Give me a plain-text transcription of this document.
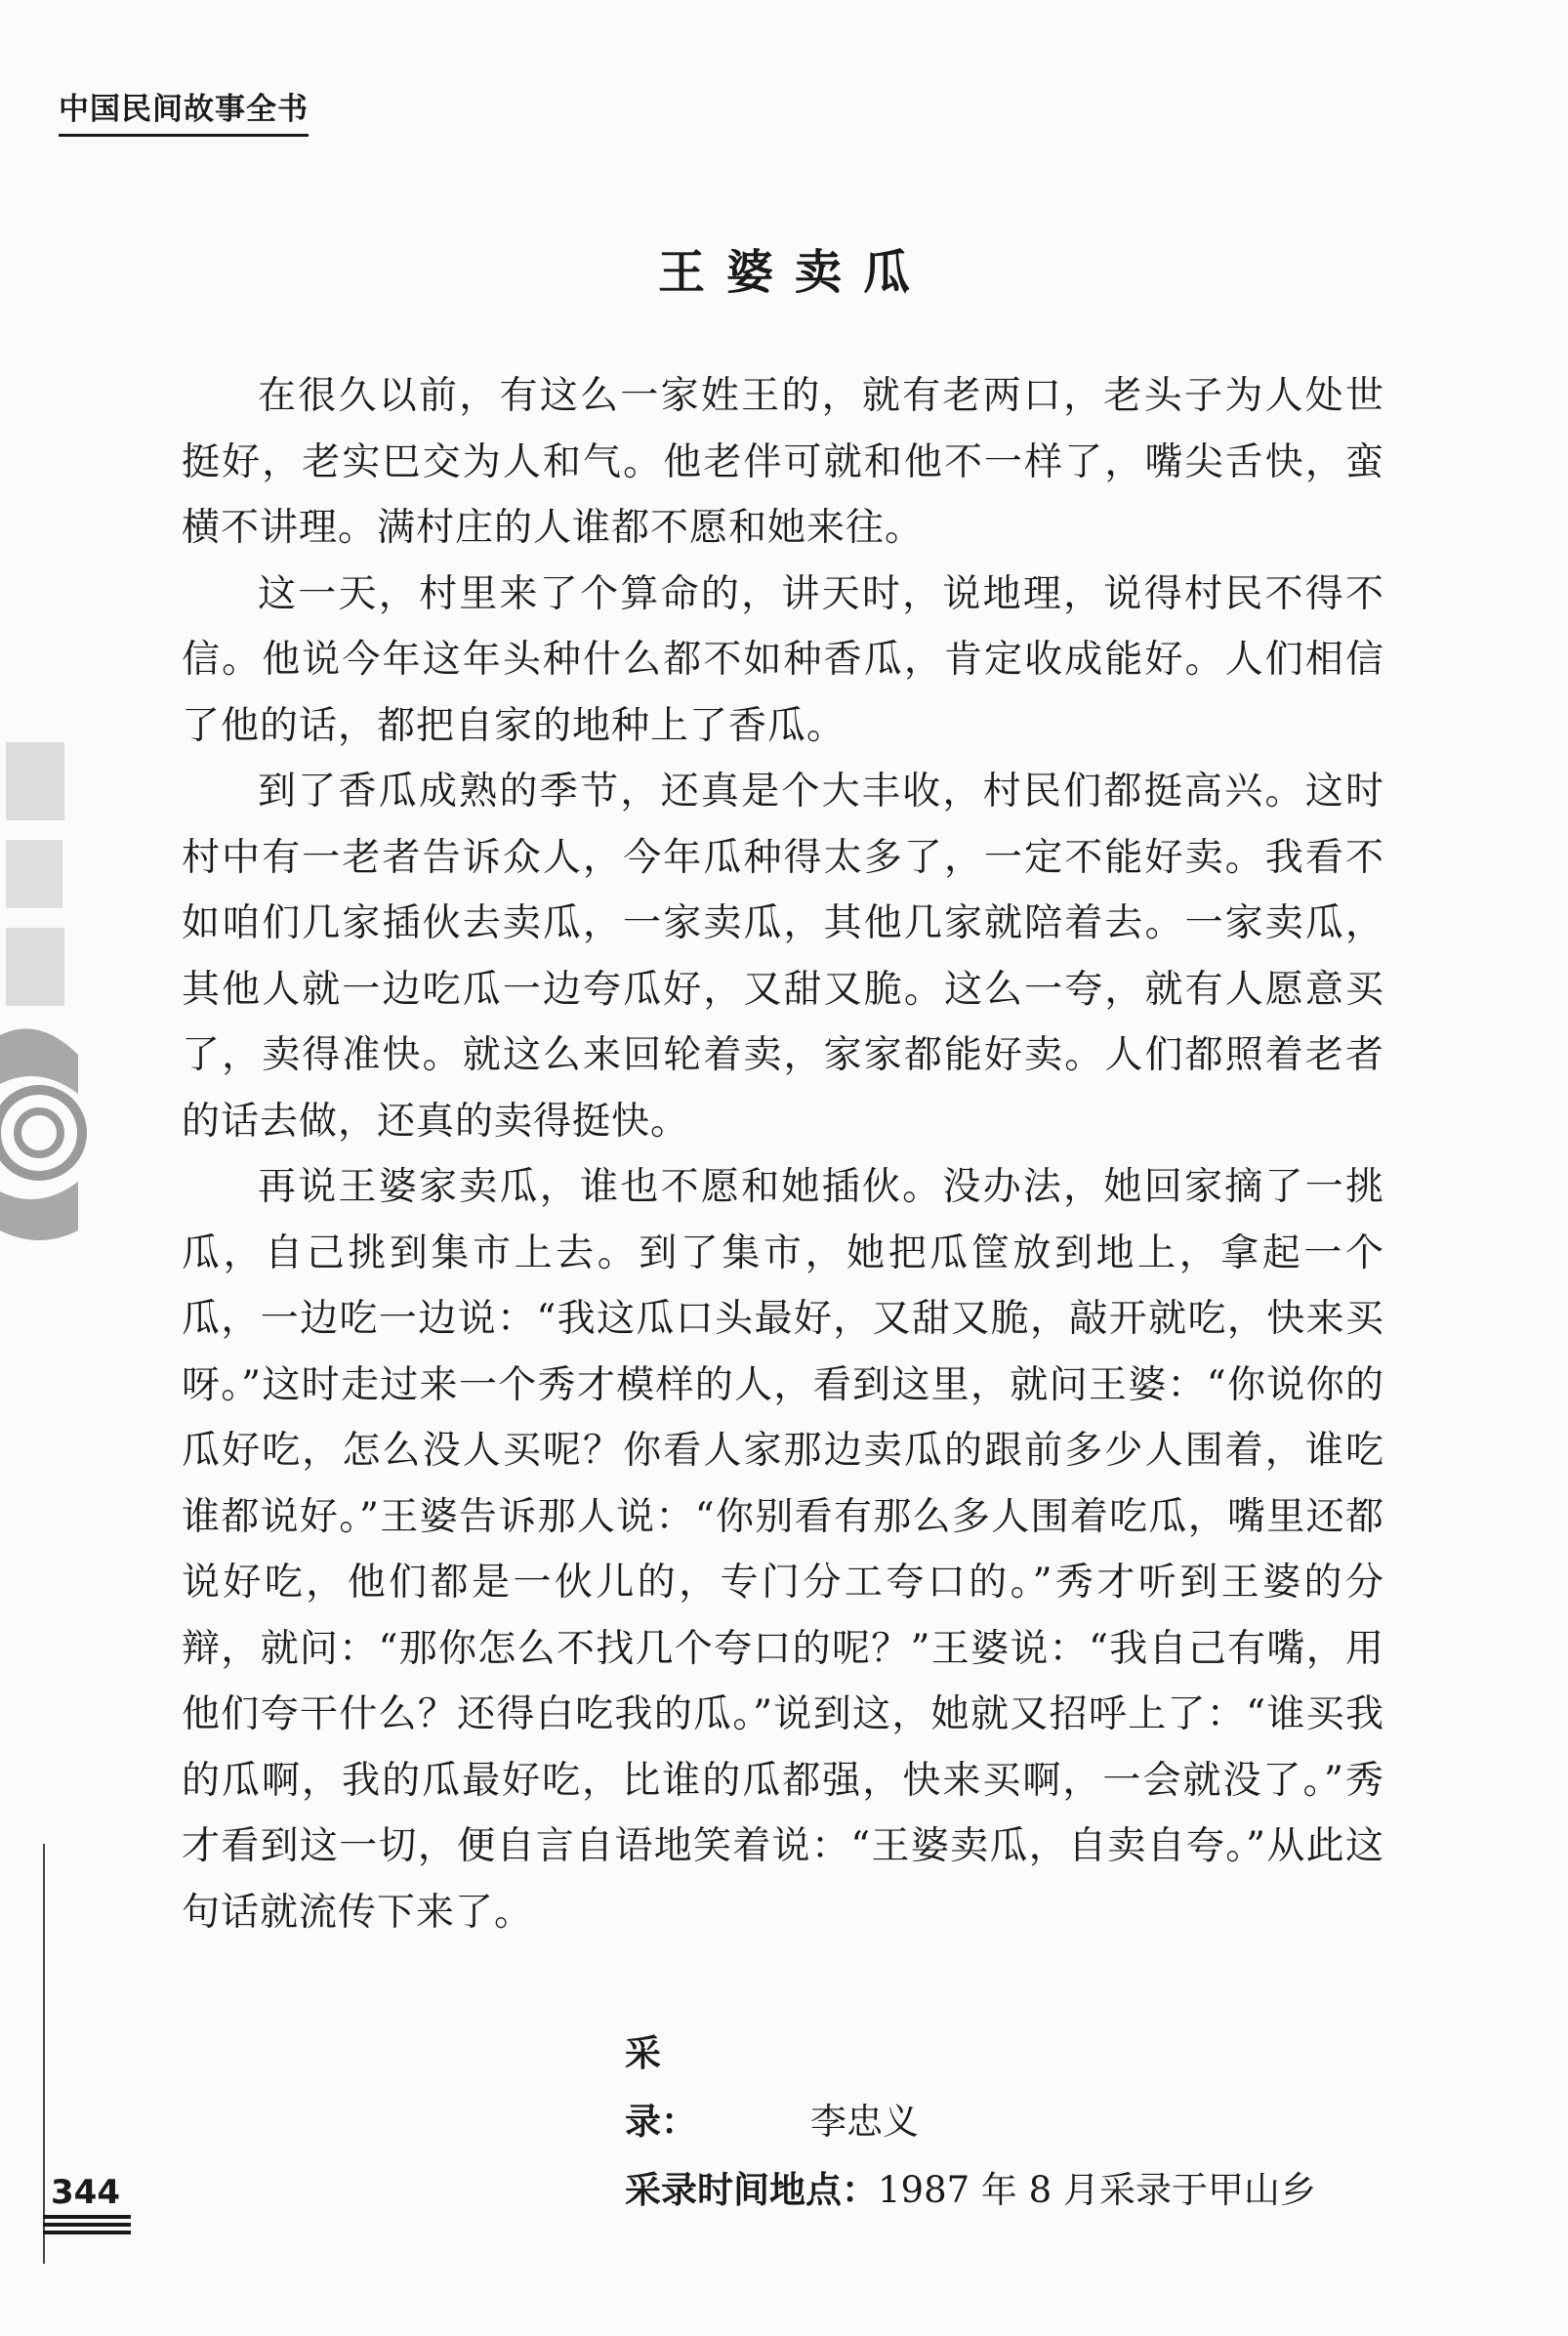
中国民间故事全书
王婆卖瓜

在很久以前，有这么一家姓王的，就有老两口，老头子为人处世挺好，老实巴交为人和气。他老伴可就和他不一样了，嘴尖舌快，蛮横不讲理。满村庄的人谁都不愿和她来往。

这一天，村里来了个算命的，讲天时，说地理，说得村民不得不信。他说今年这年头种什么都不如种香瓜，肯定收成能好。人们相信了他的话，都把自家的地种上了香瓜。

到了香瓜成熟的季节，还真是个大丰收，村民们都挺高兴。这时村中有一老者告诉众人，今年瓜种得太多了，一定不能好卖。我看不如咱们几家插伙去卖瓜，一家卖瓜，其他几家就陪着去。一家卖瓜，其他人就一边吃瓜一边夸瓜好，又甜又脆。这么一夸，就有人愿意买了，卖得准快。就这么来回轮着卖，家家都能好卖。人们都照着老者的话去做，还真的卖得挺快。

再说王婆家卖瓜，谁也不愿和她插伙。没办法，她回家摘了一挑瓜，自己挑到集市上去。到了集市，她把瓜筐放到地上，拿起一个瓜，一边吃一边说：“我这瓜口头最好，又甜又脆，敲开就吃，快来买呀。”这时走过来一个秀才模样的人，看到这里，就问王婆：“你说你的瓜好吃，怎么没人买呢？你看人家那边卖瓜的跟前多少人围着，谁吃谁都说好。”王婆告诉那人说：“你别看有那么多人围着吃瓜，嘴里还都说好吃，他们都是一伙儿的，专门分工夸口的。”秀才听到王婆的分辩，就问：“那你怎么不找几个夸口的呢？”王婆说：“我自己有嘴，用他们夸干什么？还得白吃我的瓜。”说到这，她就又招呼上了：“谁买我的瓜啊，我的瓜最好吃，比谁的瓜都强，快来买啊，一会就没了。”秀才看到这一切，便自言自语地笑着说：“王婆卖瓜，自卖自夸。”从此这句话就流传下来了。

采录：	李忠义
采录时间地点：1987 年 8 月采录于甲山乡
344
